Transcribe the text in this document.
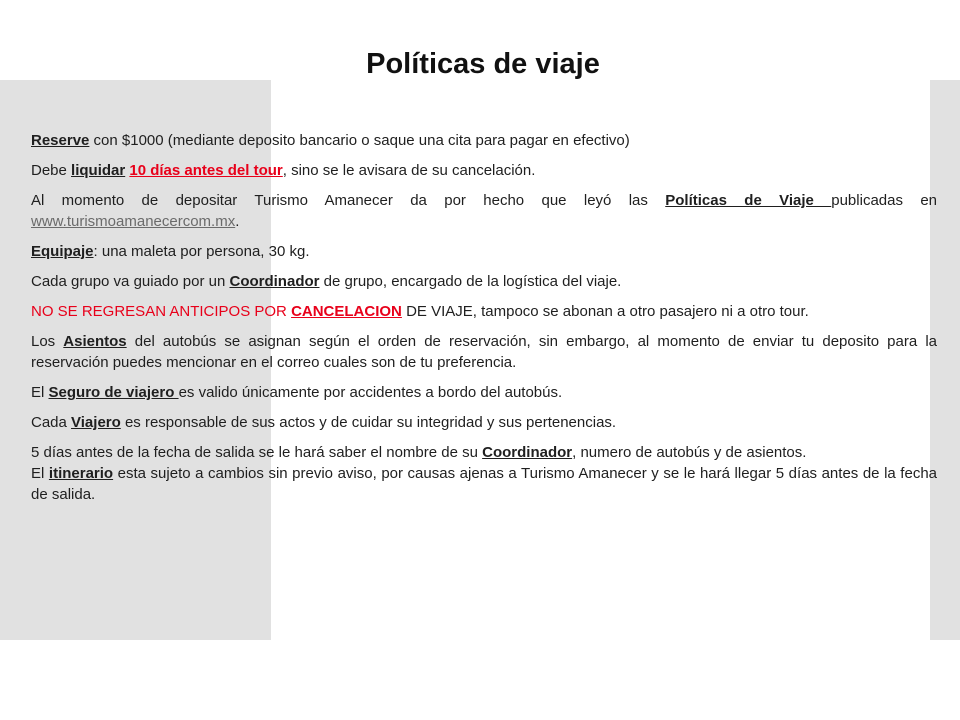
Políticas de viaje

Reserve con $1000 (mediante deposito bancario o saque una cita para pagar en efectivo)

Debe liquidar 10 días antes del tour, sino se le avisara de su cancelación.

Al momento de depositar Turismo Amanecer da por hecho que leyó las Políticas de Viaje publicadas en www.turismoamanecercom.mx.

Equipaje: una maleta por persona, 30 kg.

Cada grupo va guiado por un Coordinador de grupo, encargado de la logística del viaje.

NO SE REGRESAN ANTICIPOS POR CANCELACION DE VIAJE, tampoco se abonan a otro pasajero ni a otro tour.

Los Asientos del autobús se asignan según el orden de reservación, sin embargo, al momento de enviar tu deposito para la reservación puedes mencionar en el correo cuales son de tu preferencia.

El Seguro de viajero es valido únicamente por accidentes a bordo del autobús.

Cada Viajero es responsable de sus actos y de cuidar su integridad y sus pertenencias.

5 días antes de la fecha de salida se le hará saber el nombre de su Coordinador, numero de autobús y de asientos.

El itinerario esta sujeto a cambios sin previo aviso, por causas ajenas a Turismo Amanecer y se le hará llegar 5 días antes de la fecha de salida.
